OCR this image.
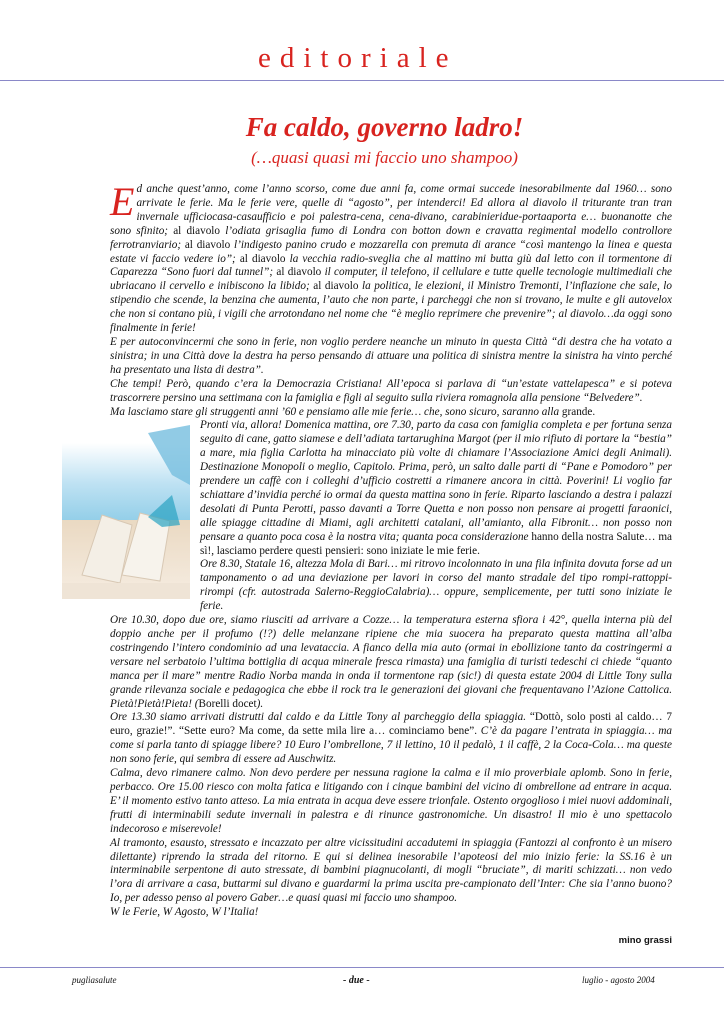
editoriale
Fa caldo, governo ladro!
(…quasi quasi mi faccio uno shampoo)

Ed anche quest’anno, come l’anno scorso, come due anni fa, come ormai succede inesorabilmente dal 1960… sono arrivate le ferie. Ma le ferie vere, quelle di “agosto”, per intenderci! Ed allora al diavolo il triturante tran tran invernale ufficiocasa-casaufficio e poi palestra-cena, cena-divano, carabinieridue-portaaporta e… buonanotte che sono sfinito; al diavolo l’odiata grisaglia fumo di Londra con botton down e cravatta regimental modello controllore ferrotranviario; al diavolo l’indigesto panino crudo e mozzarella con premuta di arance “così mantengo la linea e questa estate vi faccio vedere io”; al diavolo la vecchia radio-sveglia che al mattino mi butta giù dal letto con il tormentone di Caparezza “Sono fuori dal tunnel”; al diavolo il computer, il telefono, il cellulare e tutte quelle tecnologie multimediali che ubriacano il cervello e inibiscono la libido; al diavolo la politica, le elezioni, il Ministro Tremonti, l’inflazione che sale, lo stipendio che scende, la benzina che aumenta, l’auto che non parte, i parcheggi che non si trovano, le multe e gli autovelox che non si contano più, i vigili che arrotondano nel nome che “è meglio reprimere che prevenire”; al diavolo…da oggi sono finalmente in ferie!

E per autoconvincermi che sono in ferie, non voglio perdere neanche un minuto in questa Città “di destra che ha votato a sinistra; in una Città dove la destra ha perso pensando di attuare una politica di sinistra mentre la sinistra ha vinto perché ha presentato una lista di destra”.

Che tempi! Però, quando c’era la Democrazia Cristiana! All’epoca si parlava di “un’estate vattelapesca” e si poteva trascorrere persino una settimana con la famiglia e figli al seguito sulla riviera romagnola alla pensione “Belvedere”.

Ma lasciamo stare gli struggenti anni ’60 e pensiamo alle mie ferie… che, sono sicuro, saranno alla grande.

Pronti via, allora! Domenica mattina, ore 7.30, parto da casa con famiglia completa e per fortuna senza seguito di cane, gatto siamese e dell’adiata tartarughina Margot (per il mio rifiuto di portare la “bestia” a mare, mia figlia Carlotta ha minacciato più volte di chiamare l’Associazione Amici degli Animali). Destinazione Monopoli o meglio, Capitolo. Prima, però, un salto dalle parti di “Pane e Pomodoro” per prendere un caffè con i colleghi d’ufficio costretti a rimanere ancora in città. Poverini! Li voglio far schiattare d’invidia perché io ormai da questa mattina sono in ferie. Riparto lasciando a destra i palazzi desolati di Punta Perotti, passo davanti a Torre Quetta e non posso non pensare ai progetti faraonici, alle spiagge cittadine di Miami, agli architetti catalani, all’amianto, alla Fibronit… non posso non pensare a quanto poca cosa è la nostra vita; quanta poca considerazione hanno della nostra Salute… ma sì!, lasciamo perdere questi pensieri: sono iniziate le mie ferie.

Ore 8.30, Statale 16, altezza Mola di Bari… mi ritrovo incolonnato in una fila infinita dovuta forse ad un tamponamento o ad una deviazione per lavori in corso del manto stradale del tipo rompi-rattoppi-rirompi (cfr. autostrada Salerno-ReggioCalabria)… oppure, semplicemente, per tutti sono iniziate le ferie.

Ore 10.30, dopo due ore, siamo riusciti ad arrivare a Cozze… la temperatura esterna sfiora i 42°, quella interna più del doppio anche per il profumo (!?) delle melanzane ripiene che mia suocera ha preparato questa mattina all’alba costringendo l’intero condominio ad una levataccia. A fianco della mia auto (ormai in ebollizione tanto da costringermi a versare nel serbatoio l’ultima bottiglia di acqua minerale fresca rimasta) una famiglia di turisti tedeschi ci chiede “quanto manca per il mare” mentre Radio Norba manda in onda il tormentone rap (sic!) di questa estate 2004 di Little Tony sulla grande rilevanza sociale e pedagogica che ebbe il rock tra le generazioni dei giovani che frequentavano l’Azione Cattolica. Pietà!Pietà!Pieta! (Borelli docet).

Ore 13.30 siamo arrivati distrutti dal caldo e da Little Tony al parcheggio della spiaggia. “Dottò, solo posti al caldo… 7 euro, grazie!”. “Sette euro? Ma come, da sette mila lire a… cominciamo bene”. C’è da pagare l’entrata in spiaggia… ma come si parla tanto di spiagge libere? 10 Euro l’ombrellone, 7 il lettino, 10 il pedalò, 1 il caffè, 2 la Coca-Cola… ma queste non sono ferie, qui sembra di essere ad Auschwitz.

Calma, devo rimanere calmo. Non devo perdere per nessuna ragione la calma e il mio proverbiale aplomb. Sono in ferie, perbacco. Ore 15.00 riesco con molta fatica e litigando con i cinque bambini del vicino di ombrellone ad entrare in acqua. E’ il momento estivo tanto atteso. La mia entrata in acqua deve essere trionfale. Ostento orgoglioso i miei nuovi addominali, frutti di interminabili sedute invernali in palestra e di rinunce gastronomiche. Un disastro! Il mio è uno spettacolo indecoroso e miserevole!

Al tramonto, esausto, stressato e incazzato per altre vicissitudini accadutemi in spiaggia (Fantozzi al confronto è un misero dilettante) riprendo la strada del ritorno. E qui si delinea inesorabile l’apoteosi del mio inizio ferie: la SS.16 è un interminabile serpentone di auto stressate, di bambini piagnucolanti, di mogli “bruciate”, di mariti schizzati… non vedo l’ora di arrivare a casa, buttarmi sul divano e guardarmi la prima uscita pre-campionato dell’Inter: Che sia l’anno buono? Io, per adesso penso al povero Gaber…e quasi quasi mi faccio uno shampoo.

W le Ferie, W Agosto, W l’Italia!

mino grassi
pugliasalute	- due -	luglio - agosto 2004
